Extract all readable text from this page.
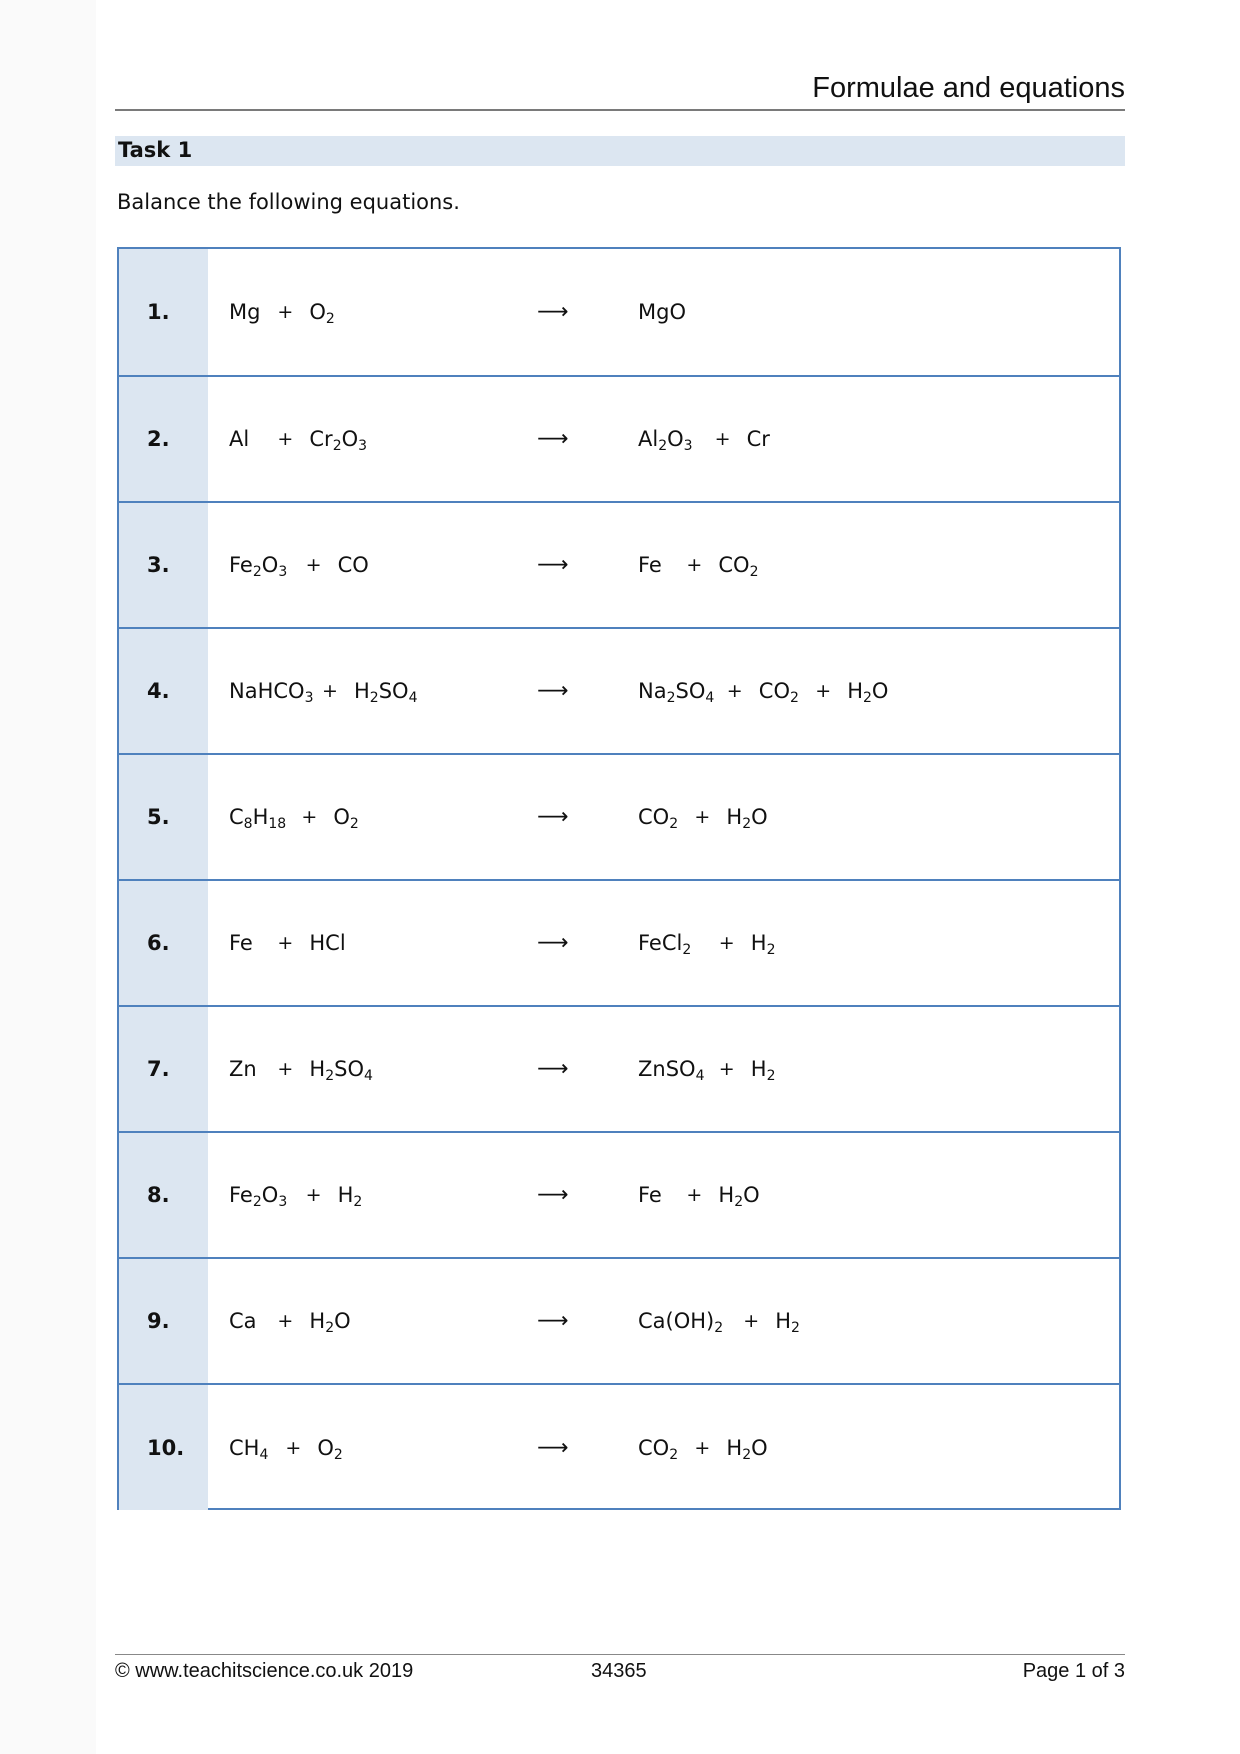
Formulae and equations
Task 1
Balance the following equations.
1.	$Mg + O_2$	⟶	MgO
2.	$Al + Cr_2O_3$	⟶	$Al_2O_3 + Cr$
3.	$Fe_2O_3$ + CO	⟶	$Fe + CO_2$
4.	NaHCO$_3$ + $H_2SO_4$	⟶	$Na_2SO_4 + CO_2 + H_2O$
5.	$C_8H_{18} + O_2$	⟶	$CO_2 + H_2O$
6.	Fe + HCl	⟶	FeCl$_2$ + $H_2$
7.	$Zn + H_2SO_4$	⟶	ZnSO$_4$ + $H_2$
8.	$Fe_2O_3 + H_2$	⟶	$Fe + H_2O$
9.	$Ca + H_2O$	⟶	$Ca(OH)_2 + H_2$
10. $CH_4 + O_2$	⟶	$CO_2 + H_2O$
© www.teachitscience.co.uk 2019	34365	Page 1 of 3
